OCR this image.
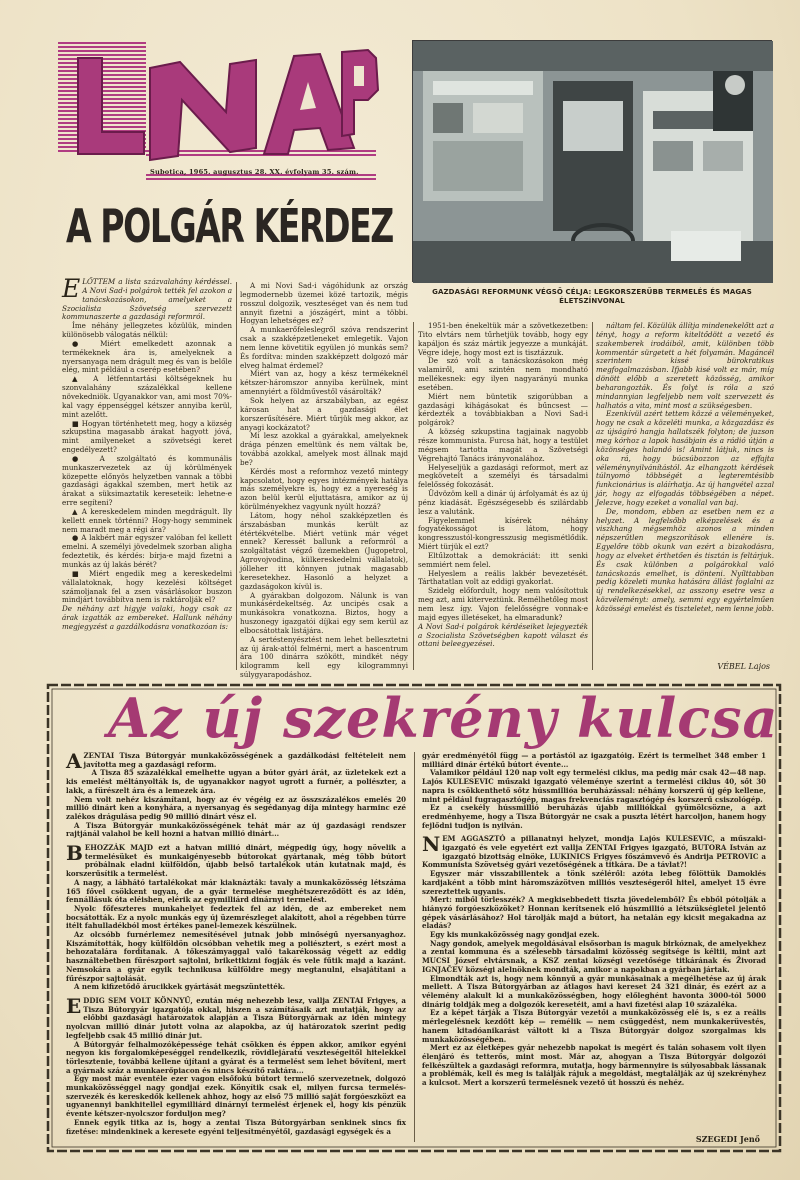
Subotica, 1965. augusztus 28. XX. évfolyam 35. szám.
A POLGÁR KÉRDEZ
GAZDASÁGI REFORMUNK VÉGSŐ CÉLJA: LEGKORSZERŰBB TERMELÉS ÉS MAGAS ÉLETSZÍNVONAL
E LŐTTEM a lista százvalahány kérdéssel. A Novi Sad-i polgárok tették fel azokon a tanácskozásokon, amelyeket a Szocialista Szövetség szervezett kommunaszerte a gazdasági reformról.

Íme néhány jellegzetes közülük, minden különösebb válogatás nélkül:

● Miért emelkedett azonnak a termékeknek ára is, amelyeknek a nyersanyaga nem drágult meg és van is belőle elég, mint például a cserép esetében?

▲ A létfenntartási költségeknek hu szonvalahány százalékkal kellene növekedniök. Ugyanakkor van, ami most 70%-kal vagy éppenséggel kétszer annyiba kerül, mint azelőtt.

■ Hogyan történhetett meg, hogy a község szkupstina magasabb árakat hagyott jóvá, mint amilyeneket a szövetségi keret engedélyezett?

● A szolgáltató és kommunális munkaszervezetek az új körülmények közepette előnyös helyzetben vannak a többi gazdasági ágakkal szemben, mert hetik az árakat a süksimaztatik kereseteik: lehetne-e erre segíteni?

▲ A kereskedelem minden megdrágult. Ily kellett ennek történni? Hogy-hogy semminek nem maradt meg a régi ára?

● A lakbért már egyszer valóban fel kellett emelni. A személyi jövedelmek szorban aligha fedeztetik, és kérdés: bírja-e majd fizetni a munkás az új lakás bérét?

■ Miért engedik meg a kereskedelmi vállalatoknak, hogy kezelési költséget számoljanak fel a zsen vásárlásokor buszon mindjárt továbbítva nem is raktárolják el?

De néhány azt higyje valaki, hogy csak az árak izgatták az embereket. Hallunk néhány megjegyzést a gazdálkodásra vonatkozóan is:

A mi Novi Sad-i vágóhídunk az ország legmodernebb üzemei közé tartozik, mégis rosszul dolgozik, veszteséget van és nem tud annyit fizetni a jószágért, mint a többi. Hogyan lehetséges ez?

A munkaerőfeleslegről szóva rendszerint csak a szakképzetleneket emlegetik. Vajon nem lenne követitik együlen jó munkás sem? És fordítva: minden szakképzett dolgozó már elveg halmat érdemel?

Miért van az, hogy a kész termékeknél kétszer-háromszor annyiba kerülnek, mint amennyiért a földművestől vásárolták?

Sok helyen az árszabályban, az egész károsan hat a gazdasági élet korszerűsítésére. Miért tűrjük meg akkor, az anyagi kockázatot?

Mi lesz azokkal a gyárakkal, amelyeknek drága pénzen emeltünk és nem váltak be, továbbá azokkal, amelyek most állnak majd be?

Kérdés most a reformhoz vezető mintegy kapcsolatot, hogy egyes intézmények hatálya más személyekre is, hogy ez a nyereség is azon belül kerül eljuttatásra, amikor az új körülményekhez vagyunk nyúlt hozzá?

Látom, hogy néhol szakképzetlen és árszabásban munkás került az étértékvételbe. Miért vetünk már véget ennek? Keressét ballunk a reformról a szolgáltatást végző üzemekben (Jugopetrol, Agrovojvodina, külkereskedelmi vállalatok), jólleher itt könnyen jutnak magasabb keresetekhez. Hasonló a helyzet a gazdaságokon kívül is.

A gyárakban dolgozom. Nálunk is van munkásérdekeltség. Az uncipés csak a munkásokra vonatkozna. Biztos, hogy a huszonegy igazgatói díjkai egy sem kerül az elbocsátottak listájára.

A sertéstenyésztést nem lehet bellesztetni az új árak-attól felmérni, mert a hascentrum ára 100 dinárra szökött, mindkét négy kilogramm kell egy kilogrammnyi súlygyarapodáshoz.

1951-ben énekeltük már a szövetkezetben: Tito elvtárs nem tűrhetjük tovább, hogy egy kapáljon és száz mártik jegyezze a munkáját. Végre ideje, hogy most ezt is tisztázzuk.

De szó volt a tanácskozásokon még valamiről, ami szintén nem mondható mellékesnek: egy ilyen nagyarányú munka esetében.

Miért nem büntetik szigorúbban a gazdasági kihágásokat és bűncsest — kérdezték a továbbiakban a Novi Sad-i polgárok?

A község szkupstina tagjainak nagyobb része kommunista. Furcsa hát, hogy a testület mégsem tartotta magát a Szövetségi Végrehajtó Tanács irányvonalához.

Helyeseljük a gazdasági reformot, mert az megkövetelt a személyi és társadalmi felelősség fokozását.

Üdvözöm kell a dinár új árfolyamát és az új pénz kiadását. Egészségesebb és szilárdabb lesz a valutánk.

Figyelemmel kísérek néhány fogyatékosságot is látom, hogy kongresszustól-kongresszusig megismétlődik. Miért türjük el ezt?

Eltűlzottak a demokráciát: itt senki semmiért nem felel.

Helyeslem a reális lakbér bevezetését. Tárthatatlan volt az eddigi gyakorlat.

Szidelg előfordult, hogy nem valósítottuk meg azt, ami kiterveztünk. Remélhetőleg most nem lesz így. Vajon felelősségre vonnak-e majd egyes illetéseket, ha elmaradunk?

A Novi Sad-i polgárok kérdéseiket lejegyezték a Szocialista Szövetségben kapott választ és ottani beleegyezései.

náltam fel. Közülük állítja mindenekelőtt azt a tényt, hogy a reform kiteltődött a vezető és szakemberek irodáiból, amit, különben több kommentár sürgetett a hét folyamán. Magáncél szerintem kissé bürokratikus megfogalmazásban. Ifjabb kisé volt ez már, míg dönött előbb a szeretett közösség, amikor beharangozták. És folyt is róla a szó mindannyian legfeljebb nem volt szervezett és halhatós a vita, mint most a szükségesben.

Ezenkívül azért tettem közzé a véleményeket, hogy ne csak a közeléti munka, a közgazdász és az újságíró hangja hallatszék folyton; de juzson meg kórhoz a lapok hasábjain és a rádió útján a közönséges halandó is! Amint látjuk, nincs is oka rá, hogy búcsúbozzon az effajta véleménynyilvánítástól. Az elhangzott kérdések túlnyomó többségét a legteremtésibb funkcionárius is aláírhatja. Az új hangvétel azzal jár, hogy az elfogadás többségében a népet. Jelezve, hogy ezeket a vonallal van baj.

De, mondom, ebben az esetben nem ez a helyzet. A legfelsőbb elképzelések és a viszkhang mégsemhöz azonos a minden népszerűtlen megszorítások ellenére is. Egyelőre több okunk van ezért a bizakodásra, hogy az elveket érthetően és tisztán is feltárjuk. És csak különben a polgárokkal való tanácskozás emelhet, is dönteni. Nyílttabban pedig közeleti munka hatására állást foglalni az új rendelkezésekkel, az asszony esetre vesz a közvéleményt: amely, semmi egy egyértelműen közösségi emelést és tiszteletet, nem lenne jobb.

VÉBEL Lajos
Az új szekrény kulcsa

AZENTAI Tisza Bútorgyár munkaközösségének a gazdálkodási feltételeit nem javította meg a gazdasági reform.

A Tisza 85 százalékkal emelhette ugyan a bútor gyári árát, az üzletekek ezt a kis emelést méltányolták is, de ugyanakkor nagyot ugrott a furnér, a poliészter, a lakk, a fürészelt ára és a lemezek ára.

Nem volt nehéz kiszámítani, hogy az év végéig ez az összszázalékos emelés 20 millió dinárt ken a konyhára, a nyersanyag és segédanyag díja mintegy harminc ezé zalékos drágulása pedig 90 millió dinárt vész el.

A Tisza Bútorgyár munkaközösségének tehát már az új gazdasági rendszer rajtjánál valahol be kell hozni a hatvan millió dinárt...

BEHOZZÁK MAJD ezt a hatvan millió dinárt, mégpedig úgy, hogy növelik a termelésüket és munkaigényesebb bútorokat gyártanak, még több bútort próbálnak eladni külföldön, újabb belső tartalékok után kutatnak majd, és korszerűsítik a termelést.

A nagy, a lábhátó tartalékokat már kiaknázták: tavaly a munkaközösség létszáma 165 fővel csökkent ugyan, de a gyár termelése meghétszereződött és az idén, fennállásuk óta eléishen, elérik az egymilliárd dinárnyi termelést.

Nyolc főfeszteres munkahelyet fedeztek fel az idén, de az embereket nem bocsátották. Ez a nyolc munkás egy új üzemrészleget alakított, ahol a régebben túrre itélt fahulladékból most értékes panel-lemezek készülnek.

Az olcsóbb furnérlemez nemesítésével jutnak jobb minőségű nyersanyaghoz. Kiszámították, hogy külföldön olcsóbban vehetik meg a poliésztert, s ezért most a behozatalára fordítanak. A tőkeszámyaggal való takarékosság végett az eddig használtebetben fürészport sajtolni, brikettkizni fogják és vele fűtik majd a kazánt. Nemsokára a gyár egyik technikusa külföldre megy megtanulni, elsajátítani a fűrészpor sajtolását.

A nem kifizetődő árucikkek gyártását megszüntették.

EDDIG SEM VOLT KÖNNYŰ, ezután még nehezebb lesz, vallja ZENTAI Frigyes, a Tisza Bútorgyár igazgatója okkal, hiszen a számításaik azt mutatják, hogy az előbbi gazdasági határozatok alapján a Tisza Bútorgyárnak az idén mintegy nyolcvan millió dinár jutott volna az alapokba, az új határozatok szerint pedig legfeljebb csak 45 millió dinár jut.

A Bútorgyár felhalmozóképessége tehát csökken és éppen akkor, amikor egyéni negyon kis forgalomképeséggel rendelkezik, rövidlejáratú veszteségeitől hitelekkel törlesztenie, továbbá kellene újítani a gyárat és a termelést sem lehet bővíteni, mert a gyárnak száz a munkaerőpiacon és nincs készítő raktára...

Egy most már eventéle ezer vagon elsőfokú bútort termelő szervezetnek, dolgozó munkaközösséggel nagy gondjai ezek. Könyítik csak el, milyen furcsa termelés-szervezék és kereskedők kellenek ahhoz, hogy az első 75 millió saját forgóeszközt ea ugyanennyi bankhitellel egymilliárd dinárnyi termelést érjenek el, hogy kis pénzük évente kétszer-nyolcszor forduljon meg?

Ennek egyik titka az is, hogy a zentai Tisza Bútorgyárban senkinek sincs fix fizetése: mindenkinek a keresete egyéni teljesítményétől, gazdasági egységek és a

gyár eredményétől függ — a portástól az igazgatóig. Ezért is termelhet 348 ember 1 milliárd dinár értékű bútort évente...

Valamikor például 120 nap volt egy termelési ciklus, ma pedig már csak 42—48 nap. Lajós KULESEVIC műszaki igazgató véleménye szerint a termelési ciklus 40, sőt 30 napra is csökkenthető sőtz hússmillióa beruházással: néhány korszerű új gép kellene, mint például fugragasztógép, magas frekvenciás ragasztógép és korszerű csiszológép.

Ez a csekély hússmillió beruházás újabb milliókkal gyümölcsözne, a azt eredménhyeme, hogy a Tisza Bútorgyár ne csak a puszta létért harcoljon, hanem hogy fejlődni tudjon is nyilván.

NEM AGGASZTÓ a pillanatnyi helyzet, mondja Lajós KULESEVIC, a műszaki-igazgató és vele egyetért ezt vallja ZENTAI Frigyes igazgató, BUTORA István az igazgató bizottság elnöke, LUKINICS Frigyes főszámvevő és Andrija PETROVIC a Kommunista Szövetség gyári vezetőségének a titkára. De a távlat?!

Egyszer már visszabillentek a tönk széléről: azóta lebeg fölöttük Damoklés kardjaként a több mint háromszázötven milliós veszteségeről hitel, amelyet 15 évre szereztettek ugyanis.

Mert: miből törlesszék? A megkisebbedett tiszta jövedelemből? És ebből pótolják a hiányzó forgóeszközöket? Honnan kerítsenek elő húszmillió a létszükségletel jelentő gépek vásárlásához? Hol tárolják majd a bútort, ha netalán egy kicsit megakadna az eladás?

Egy kis munkaközösség nagy gondjai ezek.

Nagy gondok, amelyek megoldásával elsősorban is maguk birkóznak, de amelyekhez a zentai kommuna és a szélesebb társadalmi közösség segítsége is kéltii, mint azt MUCSI József elvtársnak, a KSZ zentai községi vezetősége titkárának és Živorad IGNJAČEV községi alelnöknek mondták, amikor a napokban a gyárban jártak.

Elmondták azt is, hogy nem könnyű a gyár munkásainak a megélhetése az új árak mellett. A Tisza Bútorgyárban az átlagos havi kereset 24 321 dinár, és ezért az a vélemény alakult ki a munkaközösségben, hogy előleghént havonta 3000-tól 5000 dinárig toldják meg a dolgozók keresetéit, ami a havi fizetési alap 10 százaléka.

Ez a képet tárják a Tisza Bútorgyár vezetői a munkaközösség elé is, s ez a reális mérlegelésnek kezdőtt kép — remélik — nem csüggedést, nem munkakerüvestés, hanem kitadóanikarást váltott ki a Tisza Bútorgyár dolgoz szorgalmas kis munkaközösségében.

Mert ez az életképes gyár nehezebb napokat is megért és talán sohasem volt ilyen élenjáró és tetterős, mint most. Már az, ahogyan a Tisza Bútorgyár dolgozói felkészültek a gazdasági reformra, mutatja, hogy bármennyire is súlyosabbak lássanak a problémák, kell és meg is találják rájuk a megoldást, megtalálják az új szekrényhez a kulcsot. Mert a korszerű termelésnek vezető út hosszú és nehéz.

SZEGEDI Jenő
